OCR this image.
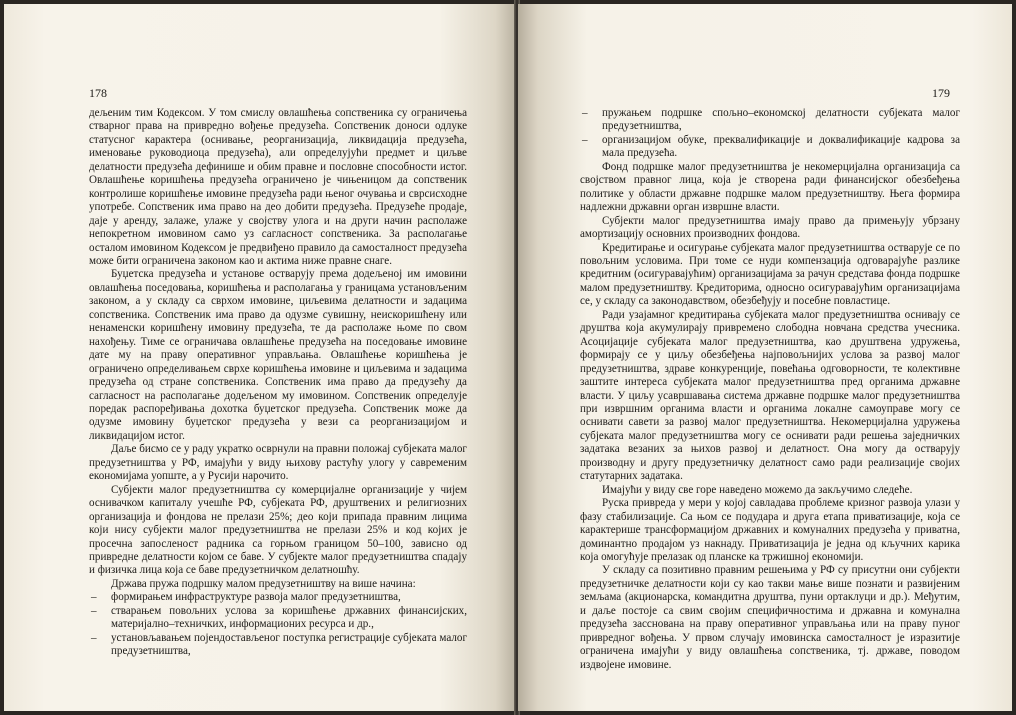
178

дељеним тим Кодексом. У том смислу овлашћења сопственика су ограничења стварног права на привредно вођење предузећа. Сопственик доноси одлуке статусног карактера (оснивање, реорганизација, ликвидација предузећа, именовање руководиоца предузећа), али определујући предмет и циљве делатности предузећа дефинише и обим правне и пословне способности истог. Овлашћење коришћења предузећа ограничено је чињеницом да сопственик контролише коришћење имовине предузећа ради њеног очувања и сврсисходне употребе. Сопственик има право на део добити предузећа. Предузеће продаје, даје у аренду, залаже, улаже у својству улога и на други начин располаже непокретном имовином само уз сагласност сопственика. За располагање осталом имовином Кодексом је предвиђено правило да самосталност предузећа може бити ограничена законом као и актима ниже правне снаге.

Буџетска предузећа и установе остварују према додељеној им имовини овлашћења поседовања, коришћења и располагања у границама установљеним законом, а у складу са сврхом имовине, циљевима делатности и задацима сопственика. Сопственик има право да одузме сувишну, неискоришћену или ненаменски коришћену имовину предузећа, те да располаже њоме по свом нахођењу. Тиме се ограничава овлашћење предузећа на поседовање имовине дате му на праву оперативног управљања. Овлашћење коришћења је ограничено определивањем сврхе коришћења имовине и циљевима и задацима предузећа од стране сопственика. Сопственик има право да предузећу да сагласност на располагање додељеном му имовином. Сопственик определује поредак распоређивања дохотка буџетског предузећа. Сопственик може да одузме имовину буџетског предузећа у вези са реорганизацијом и ликвидацијом истог.

Даље бисмо се у раду укратко осврнули на правни положај субјеката малог предузетништва у РФ, имајући у виду њихову растућу улогу у савременим економијама уопште, а у Русији нарочито.

Субјекти малог предузетништва су комерцијалне организације у чијем оснивачком капиталу учешће РФ, субјеката РФ, друштвених и религиозних организација и фондова не прелази 25%; део који припада правним лицима који нису субјекти малог предузетништва не прелази 25% и код којих је просечна запосленост радника са горњом границом 50–100, зависно од привредне делатности којом се баве. У субјекте малог предузетништва спадају и физичка лица која се баве предузетничком делатношћу.

Држава пружа подршку малом предузетништву на више начина:

– формирањем инфраструктуре развоја малог предузетништва,
– стварањем повољних услова за коришћење државних финансијских, материјално–техничких, информационих ресурса и др.,
– установљавањем појендостављеног поступка регистрације субјеката малог предузетништва,
179
– пружањем подршке спољно–економској делатности субјеката малог предузетништва,
– организацијом обуке, преквалификације и доквалификације кадрова за мала предузећа.

Фонд подршке малог предузетништва је некомерцијална организација са својством правног лица, која је створена ради финансијског обезбеђења политике у области државне подршке малом предузетништву. Њега формира надлежни државни орган извршне власти.

Субјекти малог предузетништва имају право да примењују убрзану амортизацију основних производних фондова.

Кредитирање и осигурање субјеката малог предузетништва остварује се по повољним условима. При томе се нуди компензација одговарајуће разлике кредитним (осигуравајућим) организацијама за рачун средстава фонда подршке малом предузетништву. Кредиторима, односно осигуравајућим организацијама се, у складу са законодавством, обезбеђују и посебне повластице.

Ради узајамног кредитирања субјеката малог предузетништва оснивају се друштва која акумулирају привремено слободна новчана средства учесника. Асоцијације субјеката малог предузетништва, као друштвена удружења, формирају се у циљу обезбеђења најповољнијих услова за развој малог предузетништва, здраве конкуренције, повећања одговорности, те колективне заштите интереса субјеката малог предузетништва пред органима државне власти. У циљу усавршавања система државне подршке малог предузетништва при извршним органима власти и органима локалне самоуправе могу се оснивати савети за развој малог предузетништва. Некомерцијална удружења субјеката малог предузетништва могу се оснивати ради решења заједничких задатака везаних за њихов развој и делатност. Она могу да остварују производну и другу предузетничку делатност само ради реализације својих статутарних задатака.

Имајући у виду све горе наведено можемо да закључимо следеће.

Руска привреда у мери у којој савладава проблеме кризног развоја улази у фазу стабилизације. Са њом се подудара и друга етапа приватизације, која се карактерише трансформацијом државних и комуналних предузећа у приватна, доминантно продајом уз накнаду. Приватизација је једна од кључних карика која омогућује прелазак од планске ка тржишној економији.

У складу са позитивно правним решењима у РФ су присутни они субјекти предузетничке делатности који су као такви мање више познати и развијеним земљама (акционарска, командитна друштва, пуни ортаклуци и др.). Међутим, и даље постоје са свим својим специфичностима и државна и комунална предузећа засснована на праву оперативног управљања или на праву пуног привредног вођења. У првом случају имовинска самосталност је изразитије ограничена имајући у виду овлашћења сопственика, тј. државе, поводом издвојене имовине.
